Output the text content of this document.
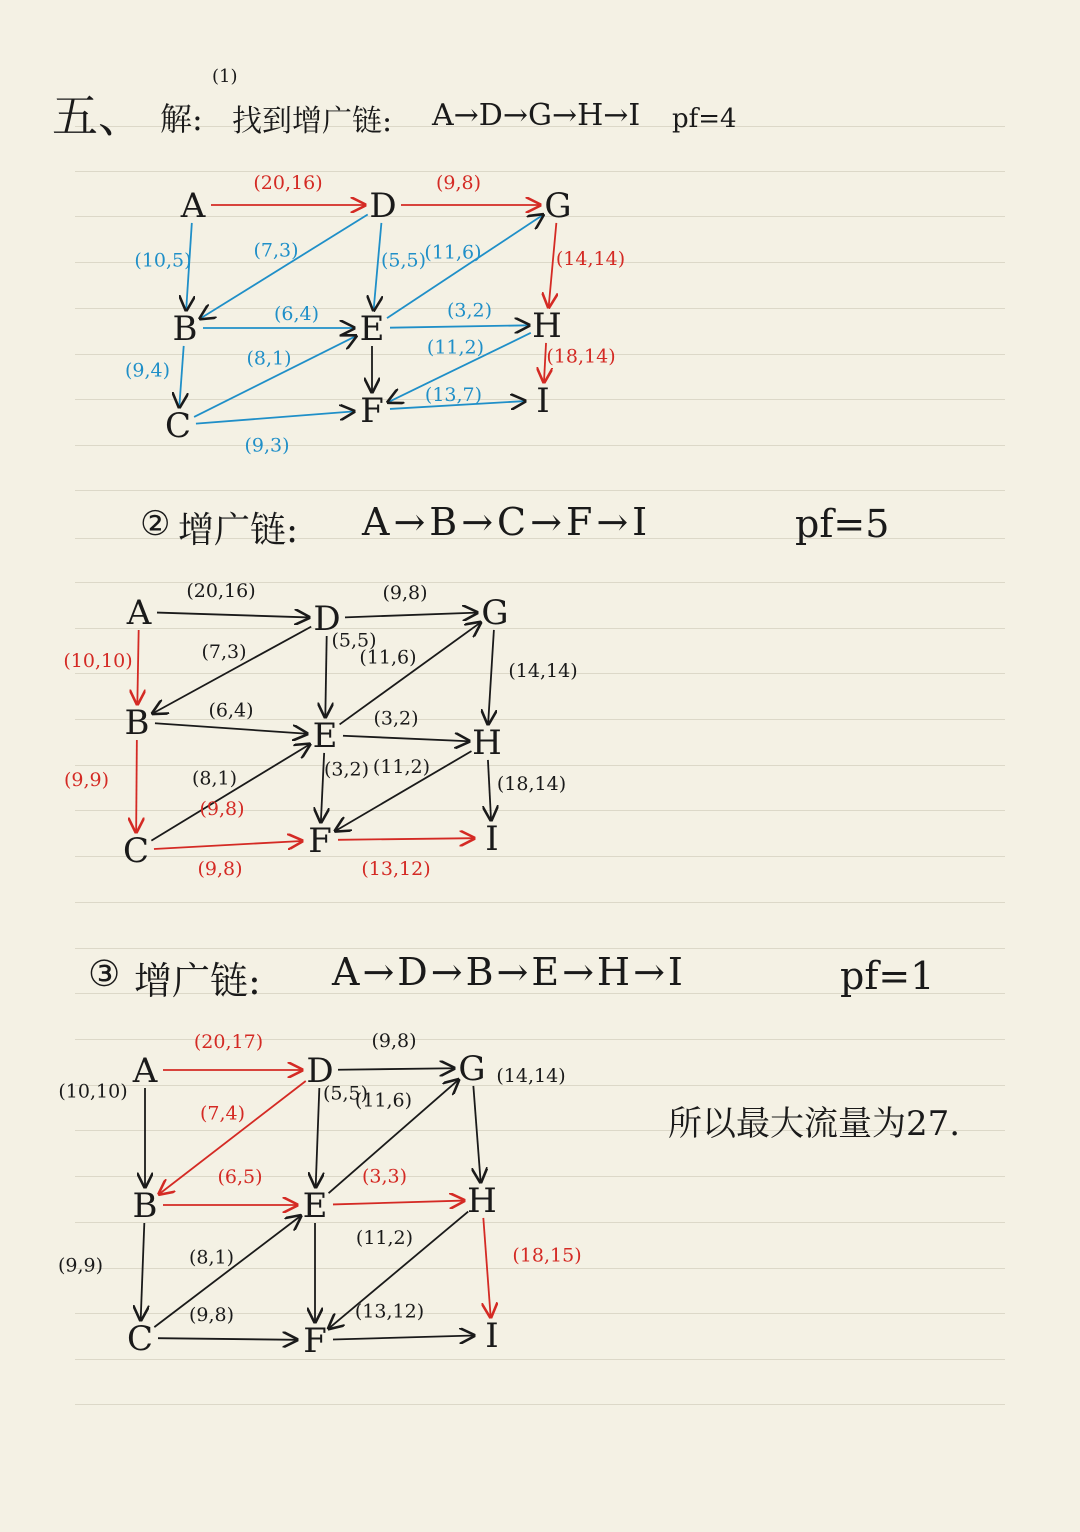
五、 解:
(1)
找到增广链: A→D→G→H→I pf=4
② 增广链: A→B→C→F→I	pf=5
③ 增广链: A→D→B→E→H→I	pf=1
所以最大流量为27.
(20,16)	(9,8)
(10,5)	(7,3)	(5,5)
(11,6)	(14,14)
(6,4)	(3,2)
(9,4)
(8,1)	(11,2)	(18,14)
(9,3)
(13,7)
A	D	G
B	E	H
C	F	I
(20,16)	(9,8)
(10,10)	(7,3)
(5,5)
(11,6)
(14,14)
(6,4)	(3,2)
(9,9)	(8,1)	(3,2) (11,2)
(18,14)
(9,8)
(9,8)	(13,12)
A	D	G
B	E	H
C	F	I
(20,17)	(9,8)
(10,10)
(7,4)
(5,5)
(11,6)
(14,14)
(6,5)	(3,3)
(9,9)	(8,1)
(11,2)
(18,15)
(9,8)	(13,12)
A	D	G
B	E	H
C	F	I
